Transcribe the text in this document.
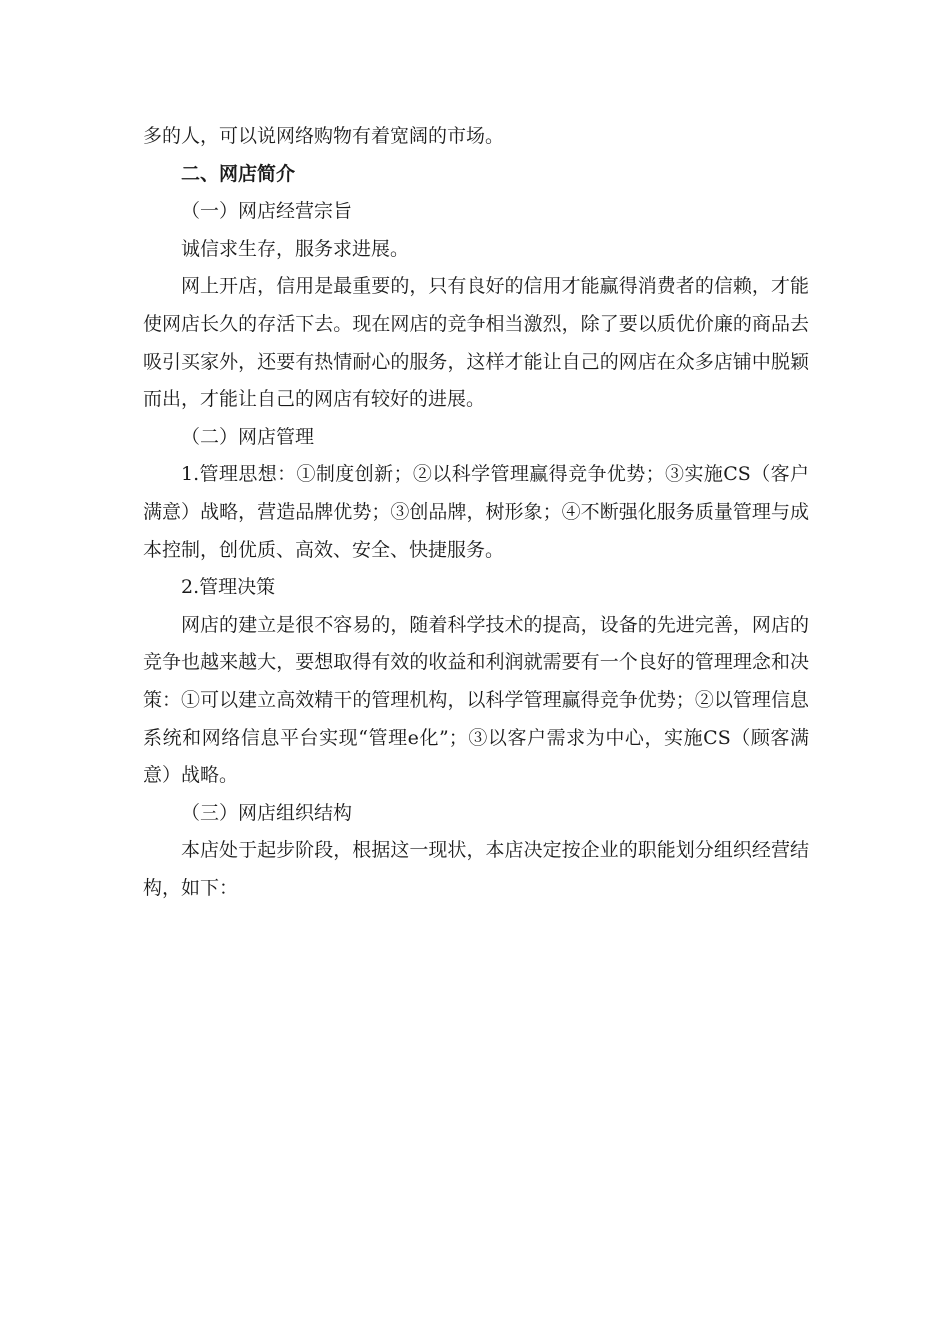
多的人，可以说网络购物有着宽阔的市场。

二、网店简介

（一）网店经营宗旨

诚信求生存，服务求进展。

网上开店，信用是最重要的，只有良好的信用才能赢得消费者的信赖，才能使网店长久的存活下去。现在网店的竞争相当激烈，除了要以质优价廉的商品去吸引买家外，还要有热情耐心的服务，这样才能让自己的网店在众多店铺中脱颖而出，才能让自己的网店有较好的进展。

（二）网店管理

1.管理思想：①制度创新；②以科学管理赢得竞争优势；③实施CS（客户满意）战略，营造品牌优势；③创品牌，树形象；④不断强化服务质量管理与成本控制，创优质、高效、安全、快捷服务。

2.管理决策

网店的建立是很不容易的，随着科学技术的提高，设备的先进完善，网店的竞争也越来越大，要想取得有效的收益和利润就需要有一个良好的管理理念和决策：①可以建立高效精干的管理机构，以科学管理赢得竞争优势；②以管理信息系统和网络信息平台实现“管理e化”；③以客户需求为中心，实施CS（顾客满意）战略。

（三）网店组织结构

本店处于起步阶段，根据这一现状，本店决定按企业的职能划分组织经营结构，如下：
